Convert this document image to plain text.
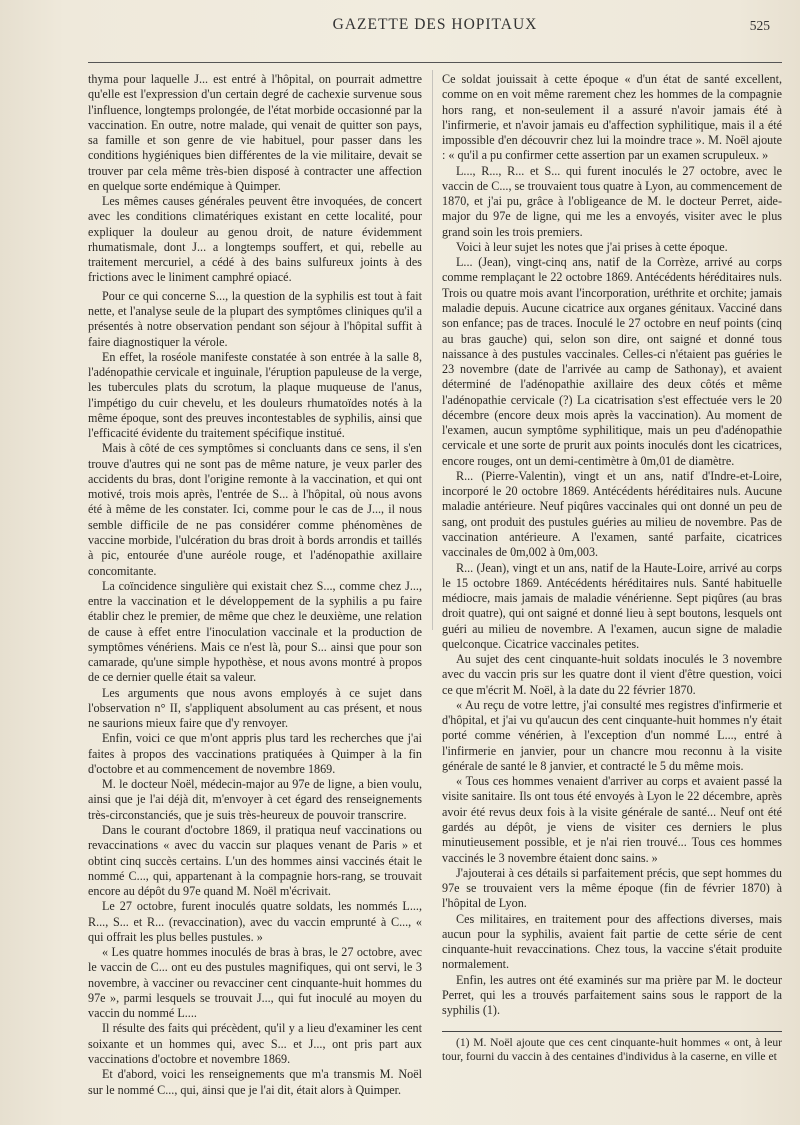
GAZETTE DES HOPITAUX	525

thyma pour laquelle J... est entré à l'hôpital, on pourrait admettre qu'elle est l'expression d'un certain degré de cachexie survenue sous l'influence, longtemps prolongée, de l'état morbide occasionné par la vaccination. En outre, notre malade, qui venait de quitter son pays, sa famille et son genre de vie habituel, pour passer dans les conditions hygiéniques bien différentes de la vie militaire, devait se trouver par cela même très-bien disposé à contracter une affection en quelque sorte endémique à Quimper.

Les mêmes causes générales peuvent être invoquées, de concert avec les conditions climatériques existant en cette localité, pour expliquer la douleur au genou droit, de nature évidemment rhumatismale, dont J... a longtemps souffert, et qui, rebelle au traitement mercuriel, a cédé à des bains sulfureux joints à des frictions avec le liniment camphré opiacé.

Pour ce qui concerne S..., la question de la syphilis est tout à fait nette, et l'analyse seule de la plupart des symptômes cliniques qu'il a présentés à notre observation pendant son séjour à l'hôpital suffit à faire diagnostiquer la vérole.

En effet, la roséole manifeste constatée à son entrée à la salle 8, l'adénopathie cervicale et inguinale, l'éruption papuleuse de la verge, les tubercules plats du scrotum, la plaque muqueuse de l'anus, l'impétigo du cuir chevelu, et les douleurs rhumatoïdes notés à la même époque, sont des preuves incontestables de syphilis, ainsi que l'efficacité évidente du traitement spécifique institué.

Mais à côté de ces symptômes si concluants dans ce sens, il s'en trouve d'autres qui ne sont pas de même nature, je veux parler des accidents du bras, dont l'origine remonte à la vaccination, et qui ont motivé, trois mois après, l'entrée de S... à l'hôpital, où nous avons été à même de les constater. Ici, comme pour le cas de J..., il nous semble difficile de ne pas considérer comme phénomènes de vaccine morbide, l'ulcération du bras droit à bords arrondis et taillés à pic, entourée d'une auréole rouge, et l'adénopathie axillaire concomitante.

La coïncidence singulière qui existait chez S..., comme chez J..., entre la vaccination et le développement de la syphilis a pu faire établir chez le premier, de même que chez le deuxième, une relation de cause à effet entre l'inoculation vaccinale et la production de symptômes vénériens. Mais ce n'est là, pour S... ainsi que pour son camarade, qu'une simple hypothèse, et nous avons montré à propos de ce dernier quelle était sa valeur.

Les arguments que nous avons employés à ce sujet dans l'observation n° II, s'appliquent absolument au cas présent, et nous ne saurions mieux faire que d'y renvoyer.

Enfin, voici ce que m'ont appris plus tard les recherches que j'ai faites à propos des vaccinations pratiquées à Quimper à la fin d'octobre et au commencement de novembre 1869.

M. le docteur Noël, médecin-major au 97e de ligne, a bien voulu, ainsi que je l'ai déjà dit, m'envoyer à cet égard des renseignements très-circonstanciés, que je suis très-heureux de pouvoir transcrire.

Dans le courant d'octobre 1869, il pratiqua neuf vaccinations ou revaccinations « avec du vaccin sur plaques venant de Paris » et obtint cinq succès certains. L'un des hommes ainsi vaccinés était le nommé C..., qui, appartenant à la compagnie hors-rang, se trouvait encore au dépôt du 97e quand M. Noël m'écrivait.

Le 27 octobre, furent inoculés quatre soldats, les nommés L..., R..., S... et R... (revaccination), avec du vaccin emprunté à C..., « qui offrait les plus belles pustules. »

« Les quatre hommes inoculés de bras à bras, le 27 octobre, avec le vaccin de C... ont eu des pustules magnifiques, qui ont servi, le 3 novembre, à vacciner ou revacciner cent cinquante-huit hommes du 97e », parmi lesquels se trouvait J..., qui fut inoculé au moyen du vaccin du nommé L....

Il résulte des faits qui précèdent, qu'il y a lieu d'examiner les cent soixante et un hommes qui, avec S... et J..., ont pris part aux vaccinations d'octobre et novembre 1869.

Et d'abord, voici les renseignements que m'a transmis M. Noël sur le nommé C..., qui, ainsi que je l'ai dit, était alors à Quimper.

Ce soldat jouissait à cette époque « d'un état de santé excellent, comme on en voit même rarement chez les hommes de la compagnie hors rang, et non-seulement il a assuré n'avoir jamais été à l'infirmerie, et n'avoir jamais eu d'affection syphilitique, mais il a été impossible d'en découvrir chez lui la moindre trace ». M. Noël ajoute : « qu'il a pu confirmer cette assertion par un examen scrupuleux. »

L..., R..., R... et S... qui furent inoculés le 27 octobre, avec le vaccin de C..., se trouvaient tous quatre à Lyon, au commencement de 1870, et j'ai pu, grâce à l'obligeance de M. le docteur Perret, aide-major du 97e de ligne, qui me les a envoyés, visiter avec le plus grand soin les trois premiers.

Voici à leur sujet les notes que j'ai prises à cette époque.

L... (Jean), vingt-cinq ans, natif de la Corrèze, arrivé au corps comme remplaçant le 22 octobre 1869. Antécédents héréditaires nuls. Trois ou quatre mois avant l'incorporation, uréthrite et orchite; jamais maladie depuis. Aucune cicatrice aux organes génitaux. Vacciné dans son enfance; pas de traces. Inoculé le 27 octobre en neuf points (cinq au bras gauche) qui, selon son dire, ont saigné et donné tous naissance à des pustules vaccinales. Celles-ci n'étaient pas guéries le 23 novembre (date de l'arrivée au camp de Sathonay), et avaient déterminé de l'adénopathie axillaire des deux côtés et même l'adénopathie cervicale (?) La cicatrisation s'est effectuée vers le 20 décembre (encore deux mois après la vaccination). Au moment de l'examen, aucun symptôme syphilitique, mais un peu d'adénopathie cervicale et une sorte de prurit aux points inoculés dont les cicatrices, encore rouges, ont un demi-centimètre à 0m,01 de diamètre.

R... (Pierre-Valentin), vingt et un ans, natif d'Indre-et-Loire, incorporé le 20 octobre 1869. Antécédents héréditaires nuls. Aucune maladie antérieure. Neuf piqûres vaccinales qui ont donné un peu de sang, ont produit des pustules guéries au milieu de novembre. Pas de vaccination antérieure. A l'examen, santé parfaite, cicatrices vaccinales de 0m,002 à 0m,003.

R... (Jean), vingt et un ans, natif de la Haute-Loire, arrivé au corps le 15 octobre 1869. Antécédents héréditaires nuls. Santé habituelle médiocre, mais jamais de maladie vénérienne. Sept piqûres (au bras droit quatre), qui ont saigné et donné lieu à sept boutons, lesquels ont guéri au milieu de novembre. A l'examen, aucun signe de maladie quelconque. Cicatrice vaccinales petites.

Au sujet des cent cinquante-huit soldats inoculés le 3 novembre avec du vaccin pris sur les quatre dont il vient d'être question, voici ce que m'écrit M. Noël, à la date du 22 février 1870.

« Au reçu de votre lettre, j'ai consulté mes registres d'infirmerie et d'hôpital, et j'ai vu qu'aucun des cent cinquante-huit hommes n'y était porté comme vénérien, à l'exception d'un nommé L..., entré à l'infirmerie en janvier, pour un chancre mou reconnu à la visite générale de santé le 8 janvier, et contracté le 5 du même mois.

« Tous ces hommes venaient d'arriver au corps et avaient passé la visite sanitaire. Ils ont tous été envoyés à Lyon le 22 décembre, après avoir été revus deux fois à la visite générale de santé... Neuf ont été gardés au dépôt, je viens de visiter ces derniers le plus minutieusement possible, et je n'ai rien trouvé... Tous ces hommes vaccinés le 3 novembre étaient donc sains. »

J'ajouterai à ces détails si parfaitement précis, que sept hommes du 97e se trouvaient vers la même époque (fin de février 1870) à l'hôpital de Lyon.

Ces militaires, en traitement pour des affections diverses, mais aucun pour la syphilis, avaient fait partie de cette série de cent cinquante-huit revaccinations. Chez tous, la vaccine s'était produite normalement.

Enfin, les autres ont été examinés sur ma prière par M. le docteur Perret, qui les a trouvés parfaitement sains sous le rapport de la syphilis (1).

(1) M. Noël ajoute que ces cent cinquante-huit hommes « ont, à leur tour, fourni du vaccin à des centaines d'individus à la caserne, en ville et
